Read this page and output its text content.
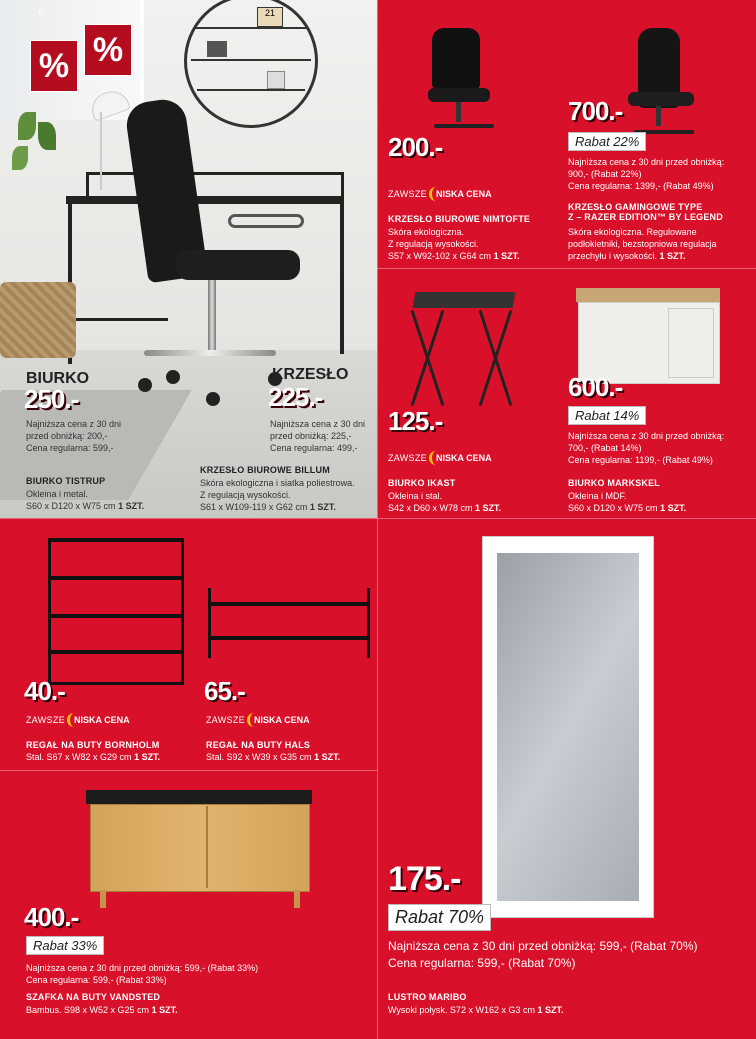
21
% %
6
BIURKO
250.-
Najniższa cena z 30 dni
przed obniżką: 200,-
Cena regularna: 599,-
BIURKO TISTRUP
Okleina i metal.
S60 x D120 x W75 cm 1 SZT.
KRZESŁO
225.-
Najniższa cena z 30 dni
przed obniżką: 225,-
Cena regularna: 499,-
KRZESŁO BIUROWE BILLUM
Skóra ekologiczna i siatka poliestrowa.
Z regulacją wysokości.
S61 x W109-119 x G62 cm 1 SZT.
200.-
ZAWSZE	NISKA CENA
KRZESŁO BIUROWE NIMTOFTE
Skóra ekologiczna.
Z regulacją wysokości.
S57 x W92-102 x G64 cm 1 SZT.
700.-
Rabat 22%
Najniższa cena z 30 dni przed obniżką:
900,- (Rabat 22%)
Cena regularna: 1399,- (Rabat 49%)
KRZESŁO GAMINGOWE TYPE
Z – RAZER EDITION™ BY LEGEND
Skóra ekologiczna. Regulowane
podłokietniki, bezstopniowa regulacja
przechyłu i wysokości. 1 SZT.
125.-
ZAWSZE	NISKA CENA
BIURKO IKAST
Okleina i stal.
S42 x D60 x W78 cm 1 SZT.
600.-
Rabat 14%
Najniższa cena z 30 dni przed obniżką:
700,- (Rabat 14%)
Cena regularna: 1199,- (Rabat 49%)
BIURKO MARKSKEL
Okleina i MDF.
S60 x D120 x W75 cm 1 SZT.
40.-
ZAWSZE	NISKA CENA
REGAŁ NA BUTY BORNHOLM
Stal. S67 x W82 x G29 cm 1 SZT.
65.-
ZAWSZE	NISKA CENA
REGAŁ NA BUTY HALS
Stal. S92 x W39 x G35 cm 1 SZT.
400.-
Rabat 33%
Najniższa cena z 30 dni przed obniżką: 599,- (Rabat 33%)
Cena regularna: 599,- (Rabat 33%)
SZAFKA NA BUTY VANDSTED
Bambus. S98 x W52 x G25 cm 1 SZT.
175.-
Rabat 70%
Najniższa cena z 30 dni przed obniżką: 599,- (Rabat 70%)
Cena regularna: 599,- (Rabat 70%)
LUSTRO MARIBO
Wysoki połysk. S72 x W162 x G3 cm 1 SZT.
